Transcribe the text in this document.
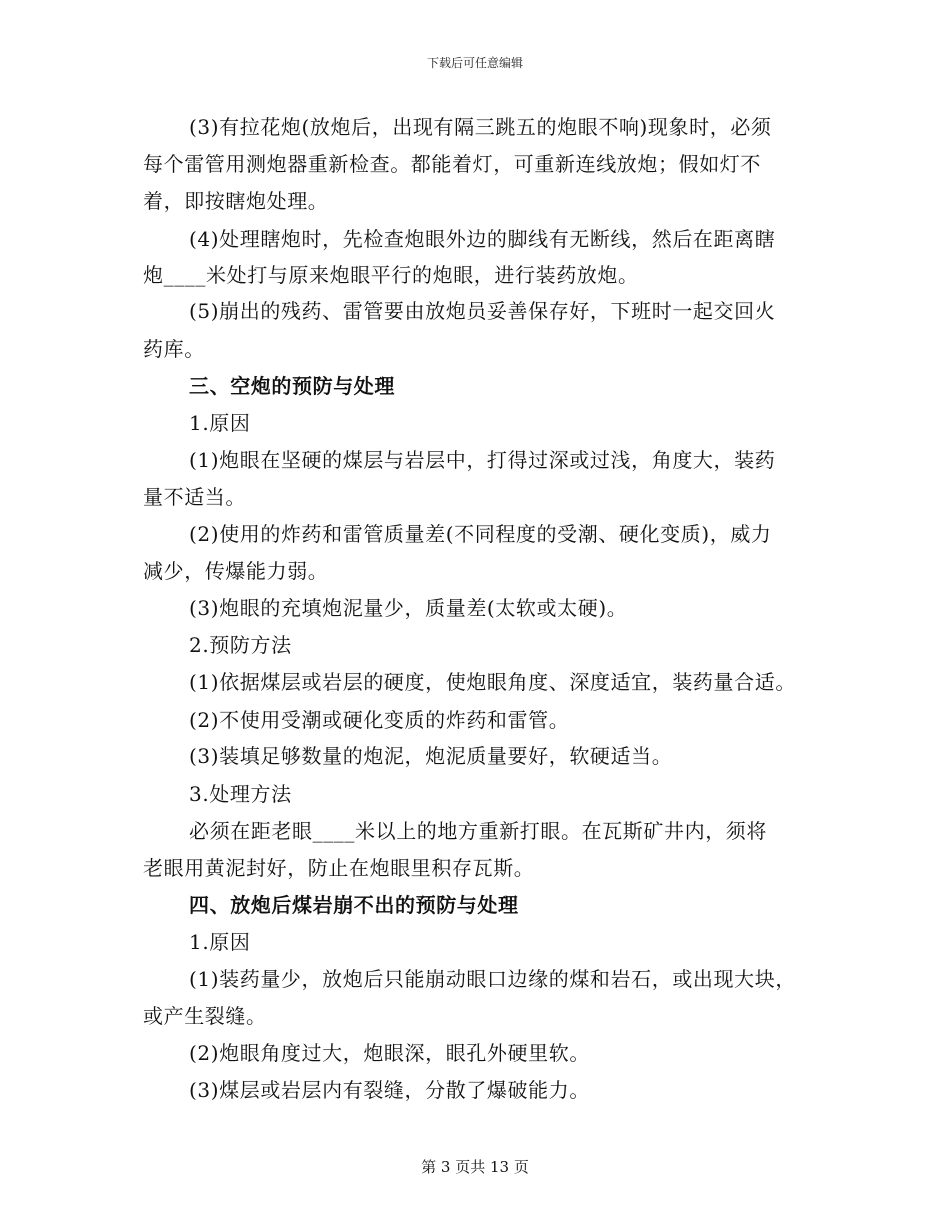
下载后可任意编辑
(3)有拉花炮(放炮后，出现有隔三跳五的炮眼不响)现象时，必须
每个雷管用测炮器重新检查。都能着灯，可重新连线放炮；假如灯不
着，即按瞎炮处理。
(4)处理瞎炮时，先检查炮眼外边的脚线有无断线，然后在距离瞎
炮____米处打与原来炮眼平行的炮眼，进行装药放炮。
(5)崩出的残药、雷管要由放炮员妥善保存好，下班时一起交回火
药库。
三、空炮的预防与处理
1.原因
(1)炮眼在坚硬的煤层与岩层中，打得过深或过浅，角度大，装药
量不适当。
(2)使用的炸药和雷管质量差(不同程度的受潮、硬化变质)，威力
减少，传爆能力弱。
(3)炮眼的充填炮泥量少，质量差(太软或太硬)。
2.预防方法
(1)依据煤层或岩层的硬度，使炮眼角度、深度适宜，装药量合适。
(2)不使用受潮或硬化变质的炸药和雷管。
(3)装填足够数量的炮泥，炮泥质量要好，软硬适当。
3.处理方法
必须在距老眼____米以上的地方重新打眼。在瓦斯矿井内，须将
老眼用黄泥封好，防止在炮眼里积存瓦斯。
四、放炮后煤岩崩不出的预防与处理
1.原因
(1)装药量少，放炮后只能崩动眼口边缘的煤和岩石，或出现大块，
或产生裂缝。
(2)炮眼角度过大，炮眼深，眼孔外硬里软。
(3)煤层或岩层内有裂缝，分散了爆破能力。
第 3 页共 13 页
